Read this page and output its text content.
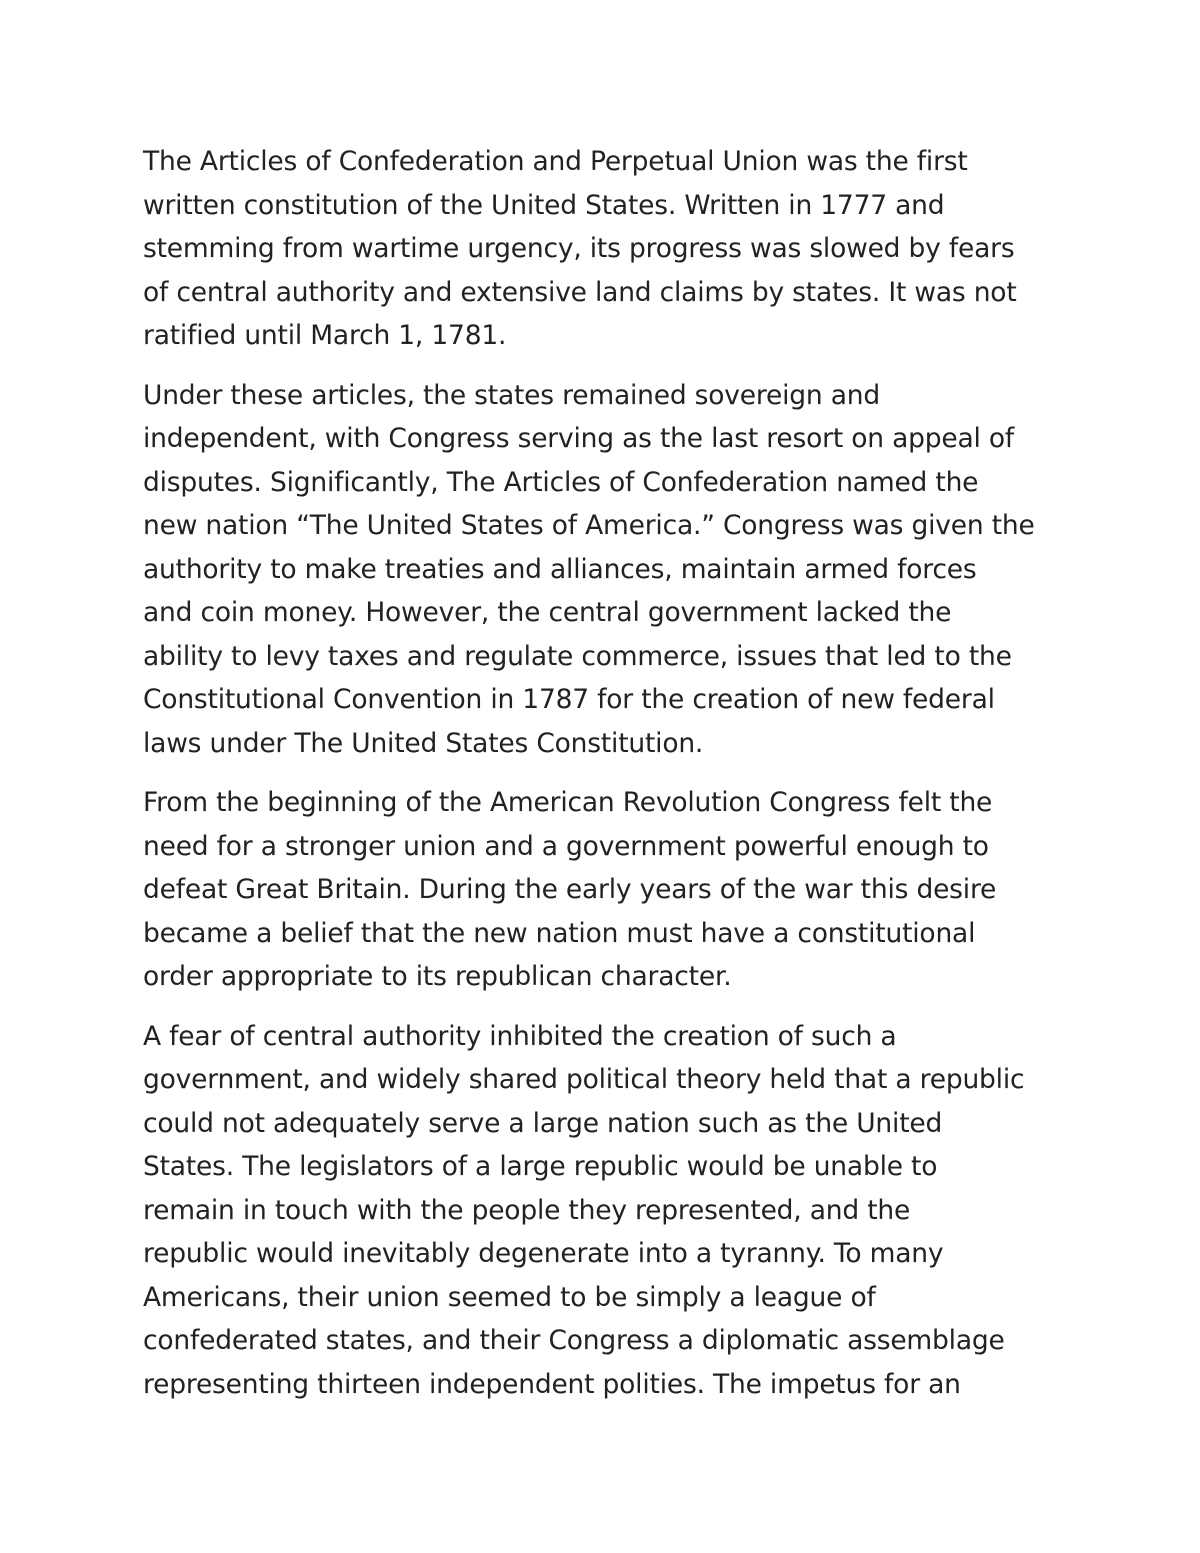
The Articles of Confederation and Perpetual Union was the first
written constitution of the United States. Written in 1777 and
stemming from wartime urgency, its progress was slowed by fears
of central authority and extensive land claims by states. It was not
ratified until March 1, 1781.

Under these articles, the states remained sovereign and
independent, with Congress serving as the last resort on appeal of
disputes. Significantly, The Articles of Confederation named the
new nation “The United States of America.” Congress was given the
authority to make treaties and alliances, maintain armed forces
and coin money. However, the central government lacked the
ability to levy taxes and regulate commerce, issues that led to the
Constitutional Convention in 1787 for the creation of new federal
laws under The United States Constitution.

From the beginning of the American Revolution Congress felt the
need for a stronger union and a government powerful enough to
defeat Great Britain. During the early years of the war this desire
became a belief that the new nation must have a constitutional
order appropriate to its republican character.

A fear of central authority inhibited the creation of such a
government, and widely shared political theory held that a republic
could not adequately serve a large nation such as the United
States. The legislators of a large republic would be unable to
remain in touch with the people they represented, and the
republic would inevitably degenerate into a tyranny. To many
Americans, their union seemed to be simply a league of
confederated states, and their Congress a diplomatic assemblage
representing thirteen independent polities. The impetus for an
